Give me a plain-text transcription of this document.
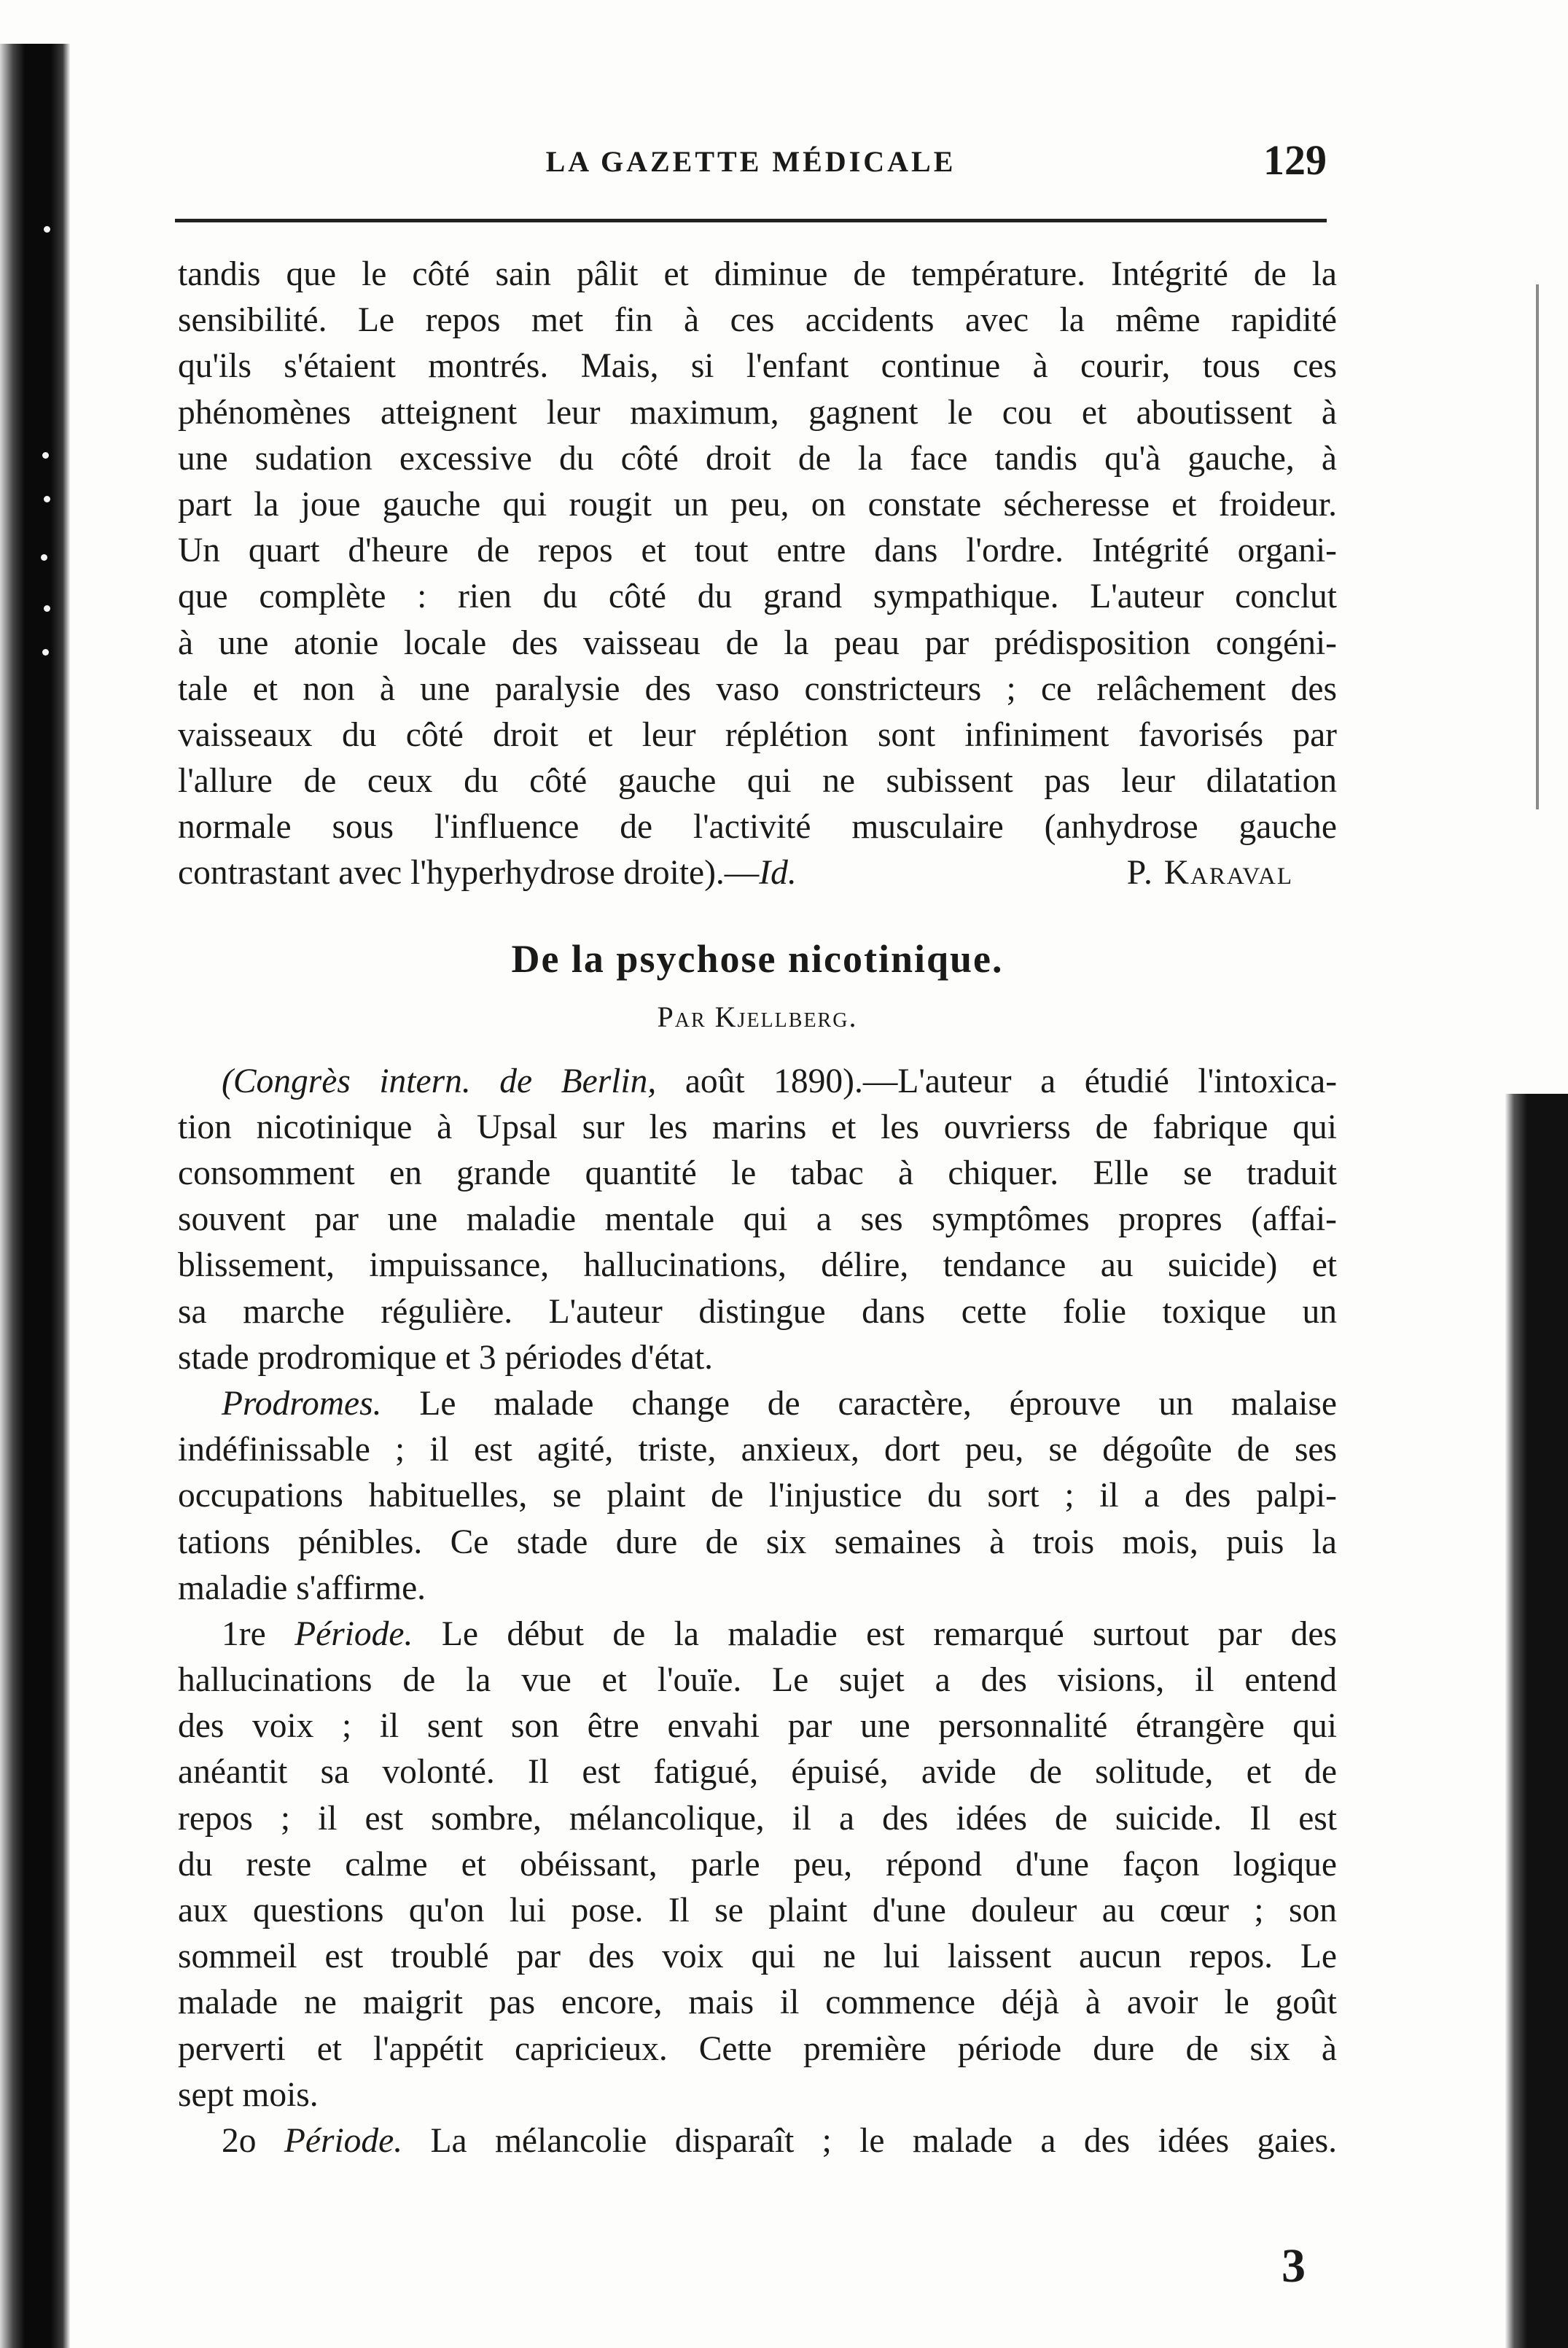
LA GAZETTE MÉDICALE	129
tandis que le côté sain pâlit et diminue de température. Intégrité de la
sensibilité. Le repos met fin à ces accidents avec la même rapidité
qu'ils s'étaient montrés. Mais, si l'enfant continue à courir, tous ces
phénomènes atteignent leur maximum, gagnent le cou et aboutissent à
une sudation excessive du côté droit de la face tandis qu'à gauche, à
part la joue gauche qui rougit un peu, on constate sécheresse et froideur.
Un quart d'heure de repos et tout entre dans l'ordre. Intégrité organi-
que complète : rien du côté du grand sympathique. L'auteur conclut
à une atonie locale des vaisseau de la peau par prédisposition congéni-
tale et non à une paralysie des vaso constricteurs ; ce relâchement des
vaisseaux du côté droit et leur réplétion sont infiniment favorisés par
l'allure de ceux du côté gauche qui ne subissent pas leur dilatation
normale sous l'influence de l'activité musculaire (anhydrose gauche
contrastant avec l'hyperhydrose droite).—Id.	P. Karaval
De la psychose nicotinique.
Par Kjellberg.
(Congrès intern. de Berlin, août 1890).—L'auteur a étudié l'intoxica-
tion nicotinique à Upsal sur les marins et les ouvrierss de fabrique qui
consomment en grande quantité le tabac à chiquer. Elle se traduit
souvent par une maladie mentale qui a ses symptômes propres (affai-
blissement, impuissance, hallucinations, délire, tendance au suicide) et
sa marche régulière. L'auteur distingue dans cette folie toxique un
stade prodromique et 3 périodes d'état.
Prodromes. Le malade change de caractère, éprouve un malaise
indéfinissable ; il est agité, triste, anxieux, dort peu, se dégoûte de ses
occupations habituelles, se plaint de l'injustice du sort ; il a des palpi-
tations pénibles. Ce stade dure de six semaines à trois mois, puis la
maladie s'affirme.
1re Période. Le début de la maladie est remarqué surtout par des
hallucinations de la vue et l'ouïe. Le sujet a des visions, il entend
des voix ; il sent son être envahi par une personnalité étrangère qui
anéantit sa volonté. Il est fatigué, épuisé, avide de solitude, et de
repos ; il est sombre, mélancolique, il a des idées de suicide. Il est
du reste calme et obéissant, parle peu, répond d'une façon logique
aux questions qu'on lui pose. Il se plaint d'une douleur au cœur ; son
sommeil est troublé par des voix qui ne lui laissent aucun repos. Le
malade ne maigrit pas encore, mais il commence déjà à avoir le goût
perverti et l'appétit capricieux. Cette première période dure de six à
sept mois.
2o Période. La mélancolie disparaît ; le malade a des idées gaies.
3
